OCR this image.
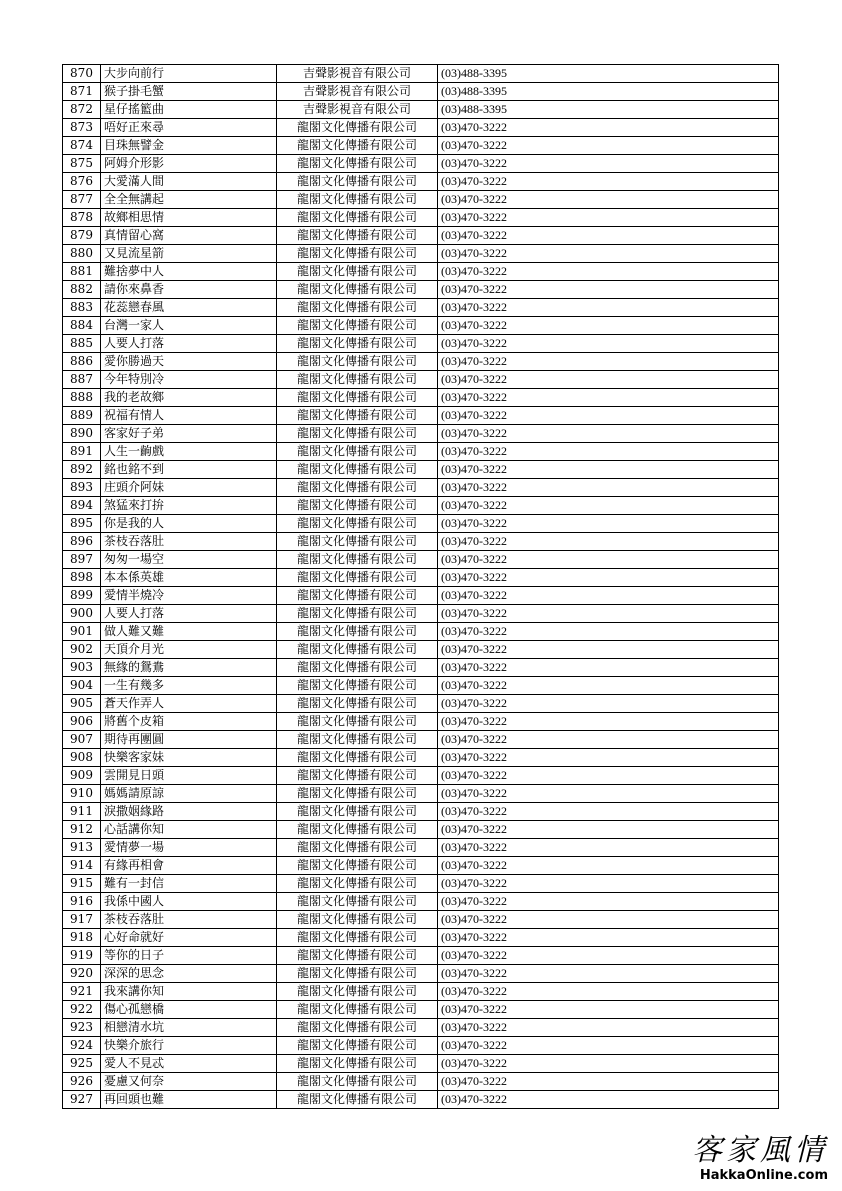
870	大步向前行	吉聲影視音有限公司	(03)488-3395
871	猴子掛毛蟹	吉聲影視音有限公司	(03)488-3395
872	星仔搖籃曲	吉聲影視音有限公司	(03)488-3395
873	唔好正來尋	龍閣文化傳播有限公司	(03)470-3222
874	目珠無譬金	龍閣文化傳播有限公司	(03)470-3222
875	阿姆介形影	龍閣文化傳播有限公司	(03)470-3222
876	大愛滿人間	龍閣文化傳播有限公司	(03)470-3222
877	全全無講起	龍閣文化傳播有限公司	(03)470-3222
878	故鄉相思情	龍閣文化傳播有限公司	(03)470-3222
879	真情留心窩	龍閣文化傳播有限公司	(03)470-3222
880	又見流星箭	龍閣文化傳播有限公司	(03)470-3222
881	難捨夢中人	龍閣文化傳播有限公司	(03)470-3222
882	請你來鼻香	龍閣文化傳播有限公司	(03)470-3222
883	花蕊戀春風	龍閣文化傳播有限公司	(03)470-3222
884	台灣一家人	龍閣文化傳播有限公司	(03)470-3222
885	人要人打落	龍閣文化傳播有限公司	(03)470-3222
886	愛你勝過天	龍閣文化傳播有限公司	(03)470-3222
887	今年特別冷	龍閣文化傳播有限公司	(03)470-3222
888	我的老故鄉	龍閣文化傳播有限公司	(03)470-3222
889	祝福有情人	龍閣文化傳播有限公司	(03)470-3222
890	客家好子弟	龍閣文化傳播有限公司	(03)470-3222
891	人生一齣戲	龍閣文化傳播有限公司	(03)470-3222
892	銘也銘不到	龍閣文化傳播有限公司	(03)470-3222
893	庄頭介阿妹	龍閣文化傳播有限公司	(03)470-3222
894	煞猛來打拚	龍閣文化傳播有限公司	(03)470-3222
895	你是我的人	龍閣文化傳播有限公司	(03)470-3222
896	茶枝吞落肚	龍閣文化傳播有限公司	(03)470-3222
897	匆匆一場空	龍閣文化傳播有限公司	(03)470-3222
898	本本係英雄	龍閣文化傳播有限公司	(03)470-3222
899	愛情半燒冷	龍閣文化傳播有限公司	(03)470-3222
900	人要人打落	龍閣文化傳播有限公司	(03)470-3222
901	做人難又難	龍閣文化傳播有限公司	(03)470-3222
902	天頂介月光	龍閣文化傳播有限公司	(03)470-3222
903	無緣的鴛鴦	龍閣文化傳播有限公司	(03)470-3222
904	一生有幾多	龍閣文化傳播有限公司	(03)470-3222
905	蒼天作弄人	龍閣文化傳播有限公司	(03)470-3222
906	將舊个皮箱	龍閣文化傳播有限公司	(03)470-3222
907	期待再團圓	龍閣文化傳播有限公司	(03)470-3222
908	快樂客家妹	龍閣文化傳播有限公司	(03)470-3222
909	雲開見日頭	龍閣文化傳播有限公司	(03)470-3222
910	媽媽請原諒	龍閣文化傳播有限公司	(03)470-3222
911	淚撒姻緣路	龍閣文化傳播有限公司	(03)470-3222
912	心話講你知	龍閣文化傳播有限公司	(03)470-3222
913	愛情夢一場	龍閣文化傳播有限公司	(03)470-3222
914	有緣再相會	龍閣文化傳播有限公司	(03)470-3222
915	難有一封信	龍閣文化傳播有限公司	(03)470-3222
916	我係中國人	龍閣文化傳播有限公司	(03)470-3222
917	茶枝吞落肚	龍閣文化傳播有限公司	(03)470-3222
918	心好命就好	龍閣文化傳播有限公司	(03)470-3222
919	等你的日子	龍閣文化傳播有限公司	(03)470-3222
920	深深的思念	龍閣文化傳播有限公司	(03)470-3222
921	我來講你知	龍閣文化傳播有限公司	(03)470-3222
922	傷心孤戀橋	龍閣文化傳播有限公司	(03)470-3222
923	相戀清水坑	龍閣文化傳播有限公司	(03)470-3222
924	快樂介旅行	龍閣文化傳播有限公司	(03)470-3222
925	愛人不見忒	龍閣文化傳播有限公司	(03)470-3222
926	憂慮又何奈	龍閣文化傳播有限公司	(03)470-3222
927	再回頭也難	龍閣文化傳播有限公司	(03)470-3222
客家風情
HakkaOnline.com
